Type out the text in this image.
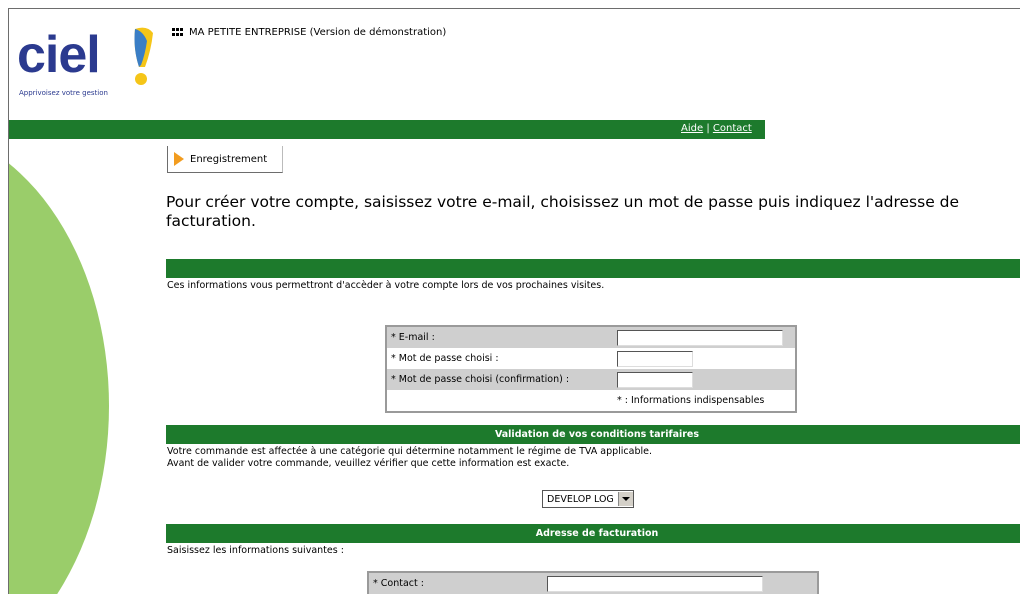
ciel
Apprivoisez votre gestion
MA PETITE ENTREPRISE (Version de démonstration)
Aide | Contact
Enregistrement
Pour créer votre compte, saisissez votre e-mail, choisissez un mot de passe puis indiquez l'adresse de facturation.
Ces informations vous permettront d'accèder à votre compte lors de vos prochaines visites.
* E-mail :	
* Mot de passe choisi :	
* Mot de passe choisi (confirmation) :	
	* : Informations indispensables
Validation de vos conditions tarifaires
Votre commande est affectée à une catégorie qui détermine notamment le régime de TVA applicable.
Avant de valider votre commande, veuillez vérifier que cette information est exacte.
DEVELOP LOG
Adresse de facturation
Saisissez les informations suivantes :
* Contact :	
